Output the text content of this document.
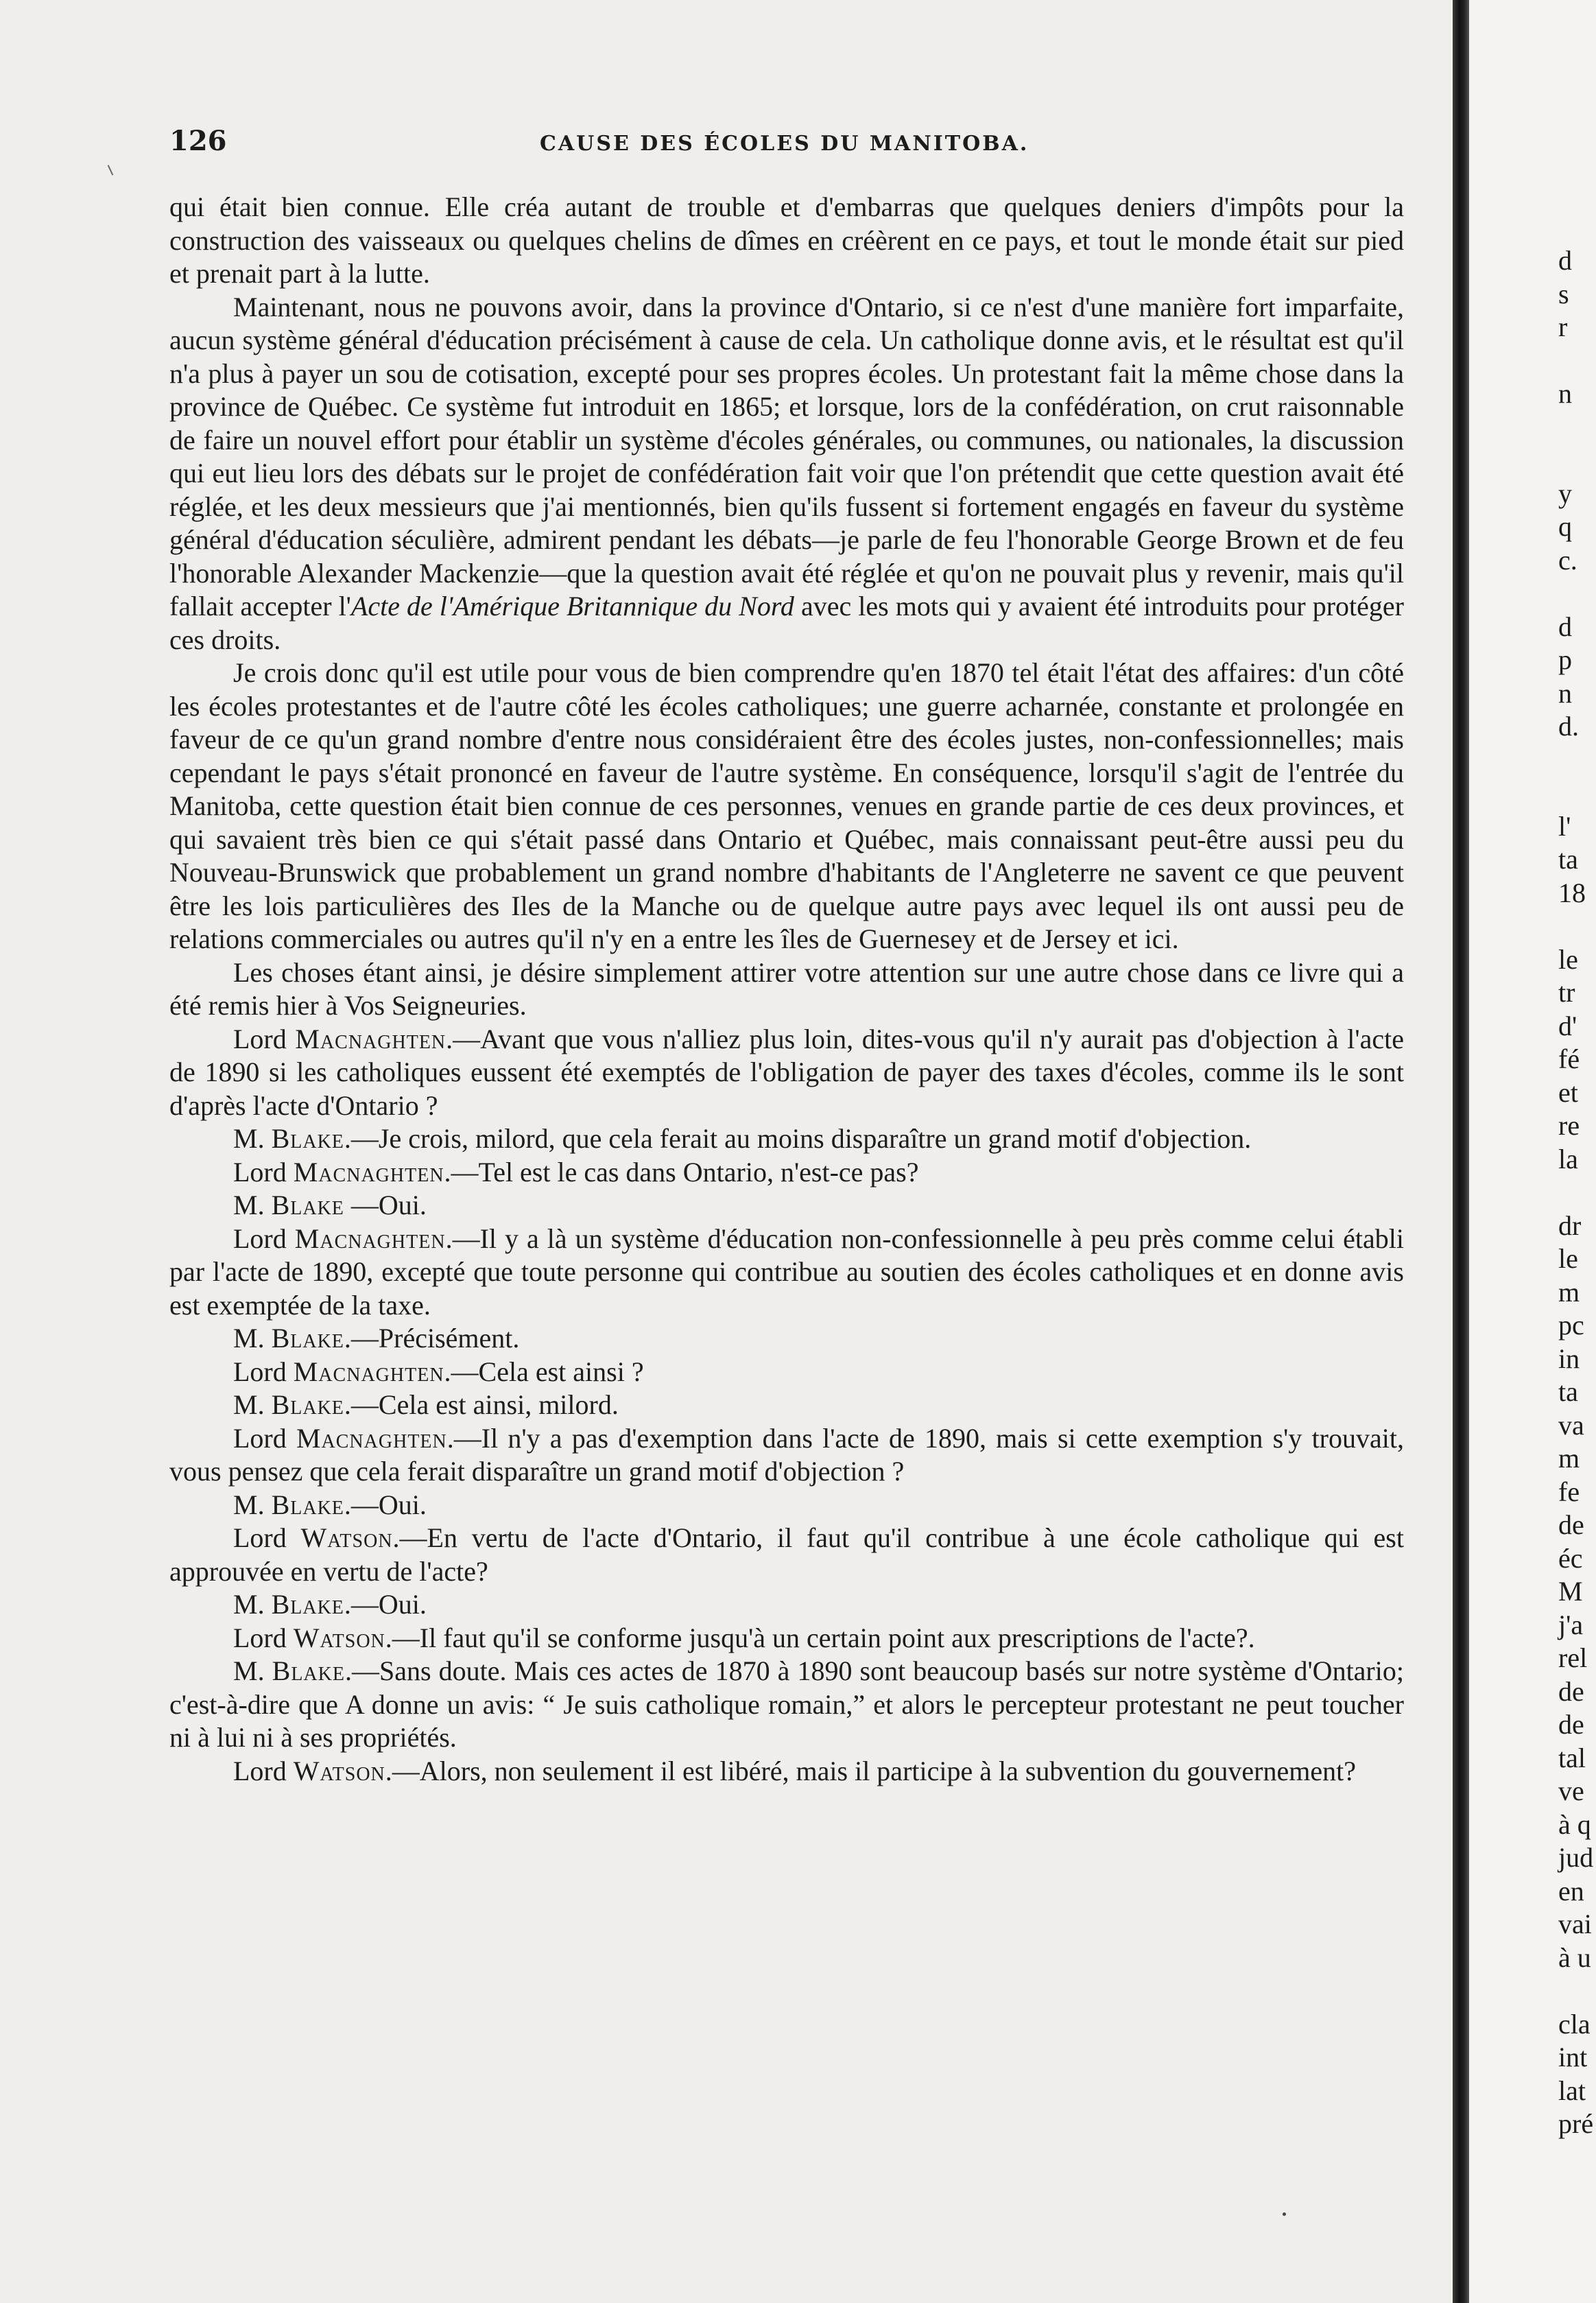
126	CAUSE DES ÉCOLES DU MANITOBA.

qui était bien connue. Elle créa autant de trouble et d'embarras que quelques deniers d'impôts pour la construction des vaisseaux ou quelques chelins de dîmes en créèrent en ce pays, et tout le monde était sur pied et prenait part à la lutte.

Maintenant, nous ne pouvons avoir, dans la province d'Ontario, si ce n'est d'une manière fort imparfaite, aucun système général d'éducation précisément à cause de cela. Un catholique donne avis, et le résultat est qu'il n'a plus à payer un sou de cotisation, excepté pour ses propres écoles. Un protestant fait la même chose dans la province de Québec. Ce système fut introduit en 1865; et lorsque, lors de la confédération, on crut raisonnable de faire un nouvel effort pour établir un système d'écoles générales, ou communes, ou nationales, la discussion qui eut lieu lors des débats sur le projet de confédération fait voir que l'on prétendit que cette question avait été réglée, et les deux messieurs que j'ai mentionnés, bien qu'ils fussent si fortement engagés en faveur du système général d'éducation séculière, admirent pendant les débats—je parle de feu l'honorable George Brown et de feu l'honorable Alexander Mackenzie—que la question avait été réglée et qu'on ne pouvait plus y revenir, mais qu'il fallait accepter l'Acte de l'Amérique Britannique du Nord avec les mots qui y avaient été introduits pour protéger ces droits.

Je crois donc qu'il est utile pour vous de bien comprendre qu'en 1870 tel était l'état des affaires: d'un côté les écoles protestantes et de l'autre côté les écoles catholiques; une guerre acharnée, constante et prolongée en faveur de ce qu'un grand nombre d'entre nous considéraient être des écoles justes, non-confessionnelles; mais cependant le pays s'était prononcé en faveur de l'autre système. En conséquence, lorsqu'il s'agit de l'entrée du Manitoba, cette question était bien connue de ces personnes, venues en grande partie de ces deux provinces, et qui savaient très bien ce qui s'était passé dans Ontario et Québec, mais connaissant peut-être aussi peu du Nouveau-Brunswick que probablement un grand nombre d'habitants de l'Angleterre ne savent ce que peuvent être les lois particulières des Iles de la Manche ou de quelque autre pays avec lequel ils ont aussi peu de relations commerciales ou autres qu'il n'y en a entre les îles de Guernesey et de Jersey et ici.

Les choses étant ainsi, je désire simplement attirer votre attention sur une autre chose dans ce livre qui a été remis hier à Vos Seigneuries.

Lord Macnaghten.—Avant que vous n'alliez plus loin, dites-vous qu'il n'y aurait pas d'objection à l'acte de 1890 si les catholiques eussent été exemptés de l'obligation de payer des taxes d'écoles, comme ils le sont d'après l'acte d'Ontario ?

M. Blake.—Je crois, milord, que cela ferait au moins disparaître un grand motif d'objection.

Lord Macnaghten.—Tel est le cas dans Ontario, n'est-ce pas?

M. Blake —Oui.

Lord Macnaghten.—Il y a là un système d'éducation non-confessionnelle à peu près comme celui établi par l'acte de 1890, excepté que toute personne qui contribue au soutien des écoles catholiques et en donne avis est exemptée de la taxe.

M. Blake.—Précisément.

Lord Macnaghten.—Cela est ainsi ?

M. Blake.—Cela est ainsi, milord.

Lord Macnaghten.—Il n'y a pas d'exemption dans l'acte de 1890, mais si cette exemption s'y trouvait, vous pensez que cela ferait disparaître un grand motif d'objection ?

M. Blake.—Oui.

Lord Watson.—En vertu de l'acte d'Ontario, il faut qu'il contribue à une école catholique qui est approuvée en vertu de l'acte?

M. Blake.—Oui.

Lord Watson.—Il faut qu'il se conforme jusqu'à un certain point aux prescriptions de l'acte?.

M. Blake.—Sans doute. Mais ces actes de 1870 à 1890 sont beaucoup basés sur notre système d'Ontario; c'est-à-dire que A donne un avis: “ Je suis catholique romain,” et alors le percepteur protestant ne peut toucher ni à lui ni à ses propriétés.

Lord Watson.—Alors, non seulement il est libéré, mais il participe à la subvention du gouvernement?

d
s
r
n
y
q
c.
d
p
n
d.
l'
ta
18
le
tr
d'
fé
et
re
la
dr
le
m
pc
in
ta
va
m
fe
de
éc
M
j'a
rel
de
de
tal
ve
à q
jud
en
vai
à u
cla
int
lat
pré
